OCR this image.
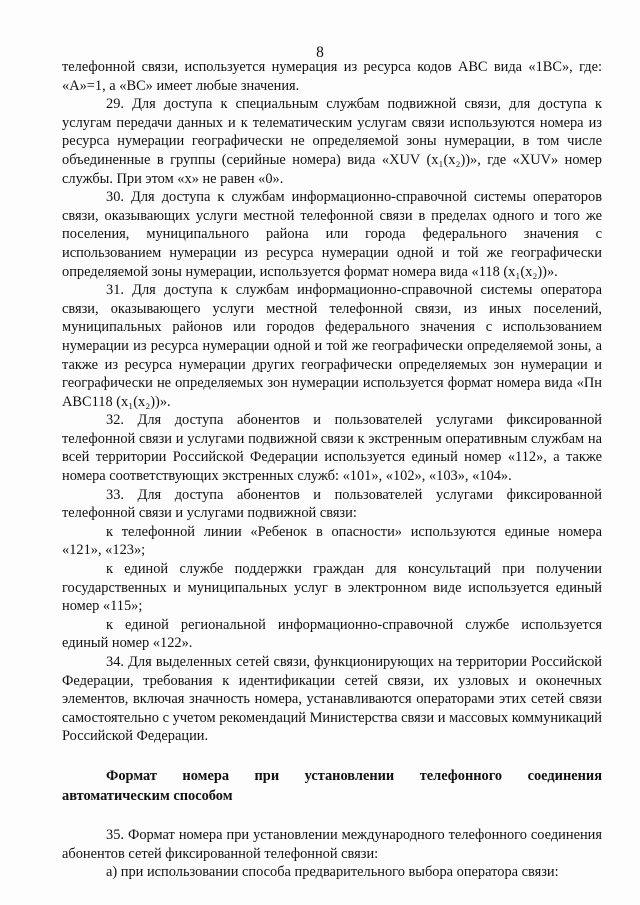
8

телефонной связи, используется нумерация из ресурса кодов ABC вида «1BC», где: «А»=1, а «ВС» имеет любые значения.

29. Для доступа к специальным службам подвижной связи, для доступа к услугам передачи данных и к телематическим услугам связи используются номера из ресурса нумерации географически не определяемой зоны нумерации, в том числе объединенные в группы (серийные номера) вида «XUV (x₁(x₂))», где «XUV» номер службы. При этом «х» не равен «0».

30. Для доступа к службам информационно-справочной системы операторов связи, оказывающих услуги местной телефонной связи в пределах одного и того же поселения, муниципального района или города федерального значения с использованием нумерации из ресурса нумерации одной и той же географически определяемой зоны нумерации, используется формат номера вида «118 (x₁(x₂))».

31. Для доступа к службам информационно-справочной системы оператора связи, оказывающего услуги местной телефонной связи, из иных поселений, муниципальных районов или городов федерального значения с использованием нумерации из ресурса нумерации одной и той же географически определяемой зоны, а также из ресурса нумерации других географически определяемых зон нумерации и географически не определяемых зон нумерации используется формат номера вида «Пн ABC118 (x₁(x₂))».

32. Для доступа абонентов и пользователей услугами фиксированной телефонной связи и услугами подвижной связи к экстренным оперативным службам на всей территории Российской Федерации используется единый номер «112», а также номера соответствующих экстренных служб: «101», «102», «103», «104».

33. Для доступа абонентов и пользователей услугами фиксированной телефонной связи и услугами подвижной связи:

к телефонной линии «Ребенок в опасности» используются единые номера «121», «123»;

к единой службе поддержки граждан для консультаций при получении государственных и муниципальных услуг в электронном виде используется единый номер «115»;

к единой региональной информационно-справочной службе используется единый номер «122».

34. Для выделенных сетей связи, функционирующих на территории Российской Федерации, требования к идентификации сетей связи, их узловых и оконечных элементов, включая значность номера, устанавливаются операторами этих сетей связи самостоятельно с учетом рекомендаций Министерства связи и массовых коммуникаций Российской Федерации.

Формат номера при установлении телефонного соединения автоматическим способом

35. Формат номера при установлении международного телефонного соединения абонентов сетей фиксированной телефонной связи:

а) при использовании способа предварительного выбора оператора связи:
